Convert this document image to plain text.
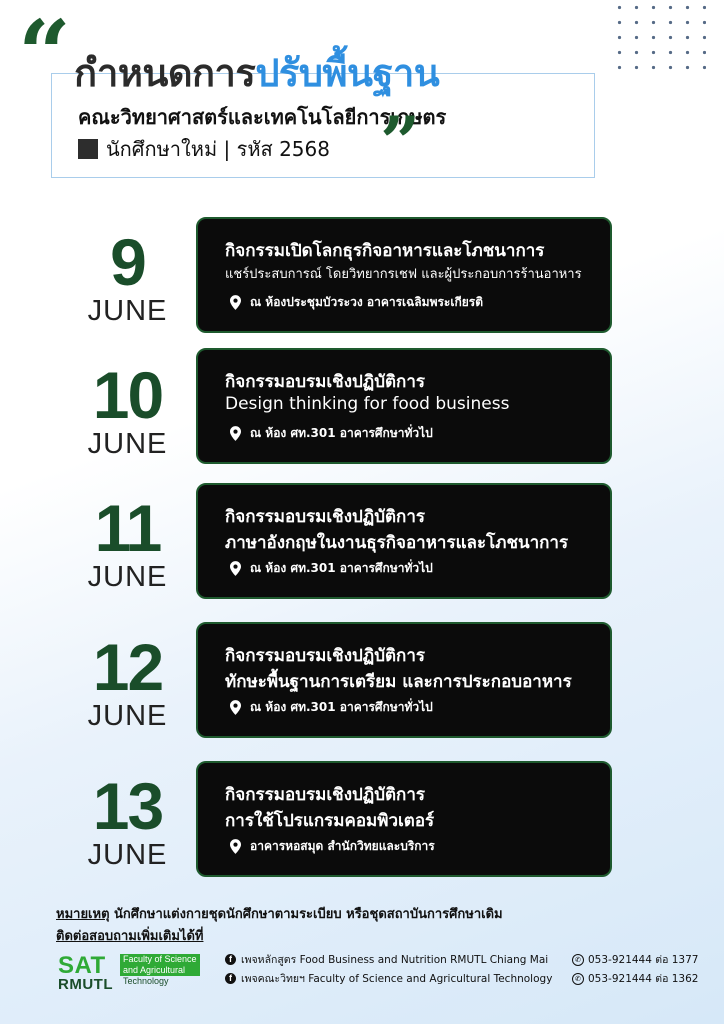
“ กำหนดการปรับพื้นฐาน
คณะวิทยาศาสตร์และเทคโนโลยีการเกษตร
นักศึกษาใหม่ | รหัส 2568 ”
9
JUNE
กิจกรรมเปิดโลกธุรกิจอาหารและโภชนาการ
แชร์ประสบการณ์ โดยวิทยากรเชฟ และผู้ประกอบการร้านอาหาร
ณ ห้องประชุมบัวระวง อาคารเฉลิมพระเกียรติ
10
JUNE
กิจกรรมอบรมเชิงปฏิบัติการ
Design thinking for food business
ณ ห้อง ศท.301 อาคารศึกษาทั่วไป
11
JUNE
กิจกรรมอบรมเชิงปฏิบัติการ
ภาษาอังกฤษในงานธุรกิจอาหารและโภชนาการ
ณ ห้อง ศท.301 อาคารศึกษาทั่วไป
12
JUNE
กิจกรรมอบรมเชิงปฏิบัติการ
ทักษะพื้นฐานการเตรียม และการประกอบอาหาร
ณ ห้อง ศท.301 อาคารศึกษาทั่วไป
13
JUNE
กิจกรรมอบรมเชิงปฏิบัติการ
การใช้โปรแกรมคอมพิวเตอร์
อาคารหอสมุด สำนักวิทยและบริการ
หมายเหตุ นักศึกษาแต่งกายชุดนักศึกษาตามระเบียบ หรือชุดสถาบันการศึกษาเดิม
ติดต่อสอบถามเพิ่มเติมได้ที่
SAT
RMUTL
Faculty of Science
and Agricultural
Technology
f เพจหลักสูตร Food Business and Nutrition RMUTL Chiang Mai
f เพจคณะวิทยฯ Faculty of Science and Agricultural Technology
✆ 053-921444 ต่อ 1377
✆ 053-921444 ต่อ 1362
